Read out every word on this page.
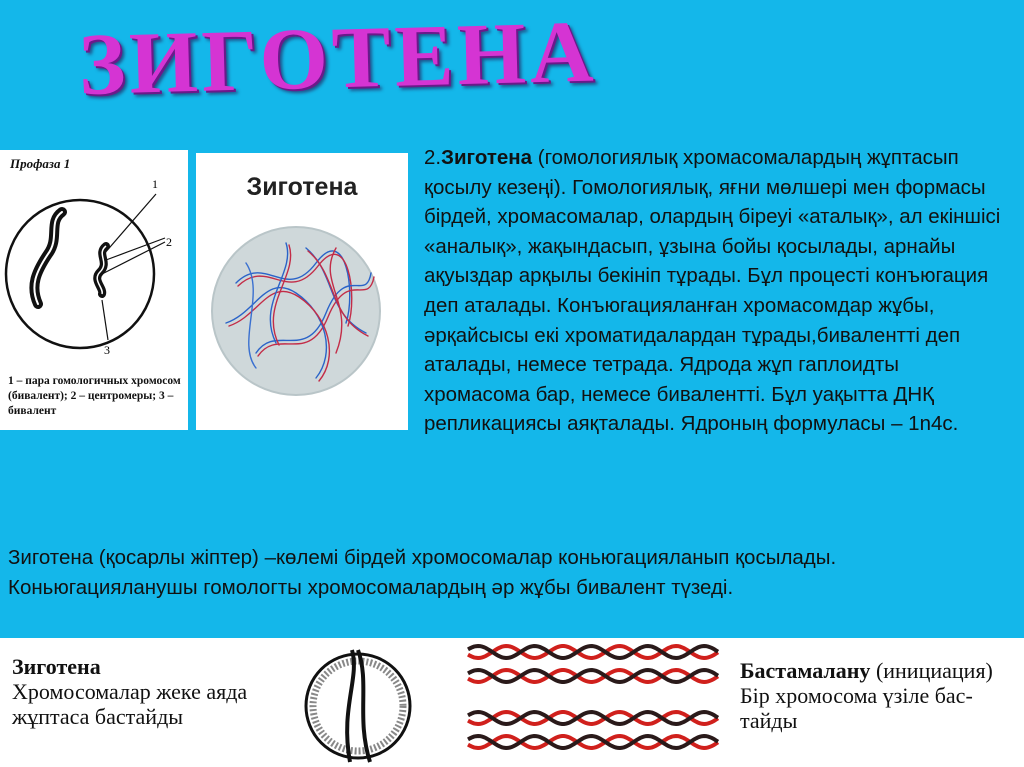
ЗИГОТЕНА
Профаза 1
1
2
3
1 – пара гомологичных хромосом (бивалент); 2 – центромеры; 3 – бивалент
Зиготена
2.Зиготена (гомологиялық хромасомалардың жұптасып қосылу кезеңі). Гомологиялық, яғни мөлшері мен формасы бірдей, хромасомалар, олардың біреуі «аталық», ал екіншісі «аналық», жақындасып, ұзына бойы қосылады, арнайы ақуыздар арқылы бекініп тұрады. Бұл процесті конъюгация деп аталады. Конъюгацияланған хромасомдар жұбы, әрқайсысы екі хроматидалардан тұрады,бивалентті деп аталады, немесе тетрада. Ядрода жұп гаплоидты хромасома бар, немесе бивалентті. Бұл уақытта ДНҚ репликациясы аяқталады. Ядроның формуласы – 1n4c.
Зиготена (қосарлы жіптер) –көлемі бірдей хромосомалар коньюгацияланып қосылады. Коньюгацияланушы гомологты хромосомалардың әр жұбы бивалент түзеді.
Зиготена
Хромосомалар жеке аяда
жұптаса бастайды
Бастамалану (инициация)
Бір хромосома үзіле бас-
тайды
